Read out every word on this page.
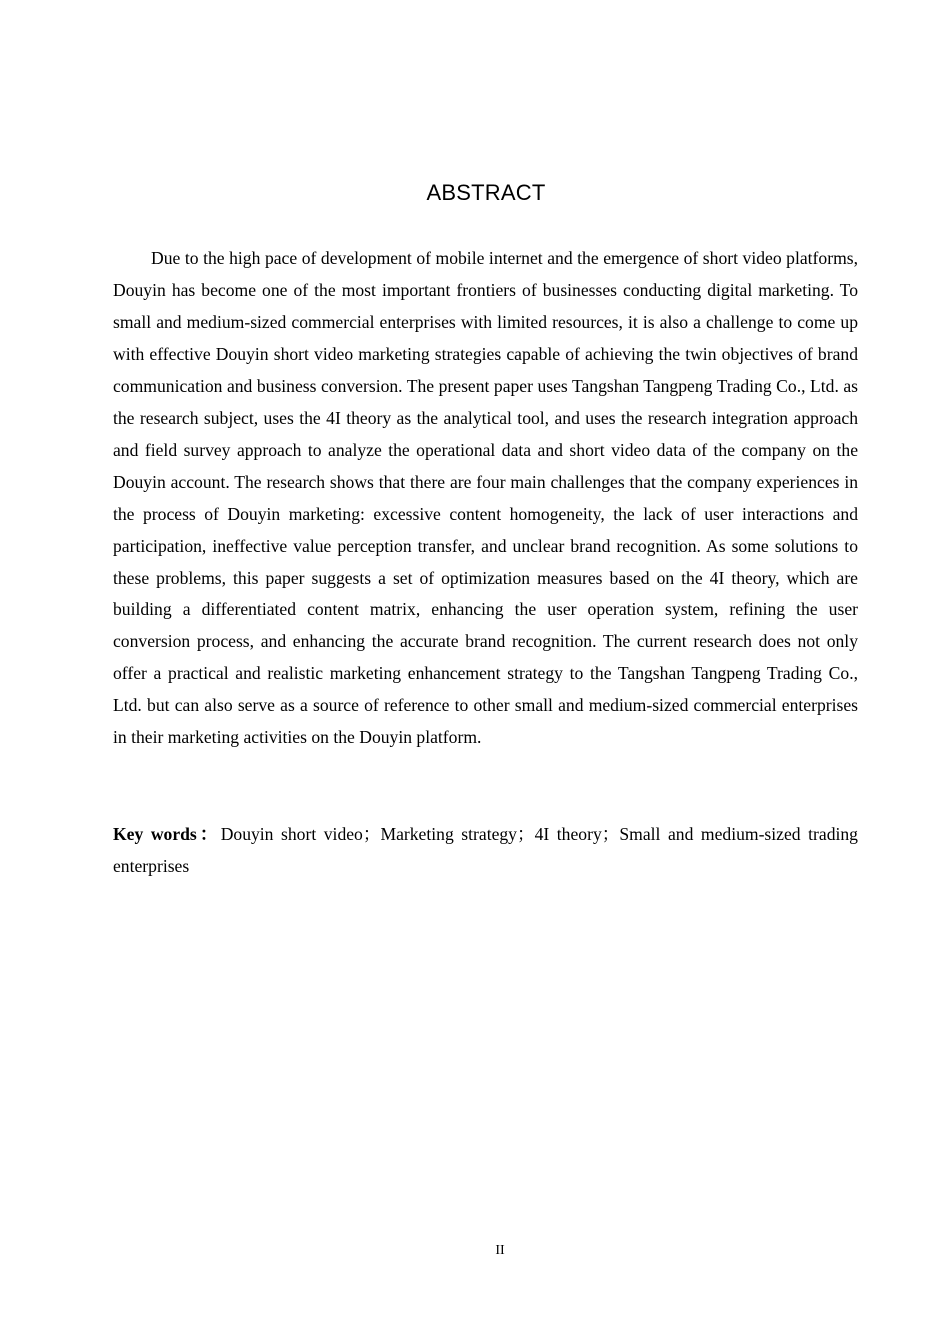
ABSTRACT

Due to the high pace of development of mobile internet and the emergence of short video platforms, Douyin has become one of the most important frontiers of businesses conducting digital marketing. To small and medium-sized commercial enterprises with limited resources, it is also a challenge to come up with effective Douyin short video marketing strategies capable of achieving the twin objectives of brand communication and business conversion. The present paper uses Tangshan Tangpeng Trading Co., Ltd. as the research subject, uses the 4I theory as the analytical tool, and uses the research integration approach and field survey approach to analyze the operational data and short video data of the company on the Douyin account. The research shows that there are four main challenges that the company experiences in the process of Douyin marketing: excessive content homogeneity, the lack of user interactions and participation, ineffective value perception transfer, and unclear brand recognition. As some solutions to these problems, this paper suggests a set of optimization measures based on the 4I theory, which are building a differentiated content matrix, enhancing the user operation system, refining the user conversion process, and enhancing the accurate brand recognition. The current research does not only offer a practical and realistic marketing enhancement strategy to the Tangshan Tangpeng Trading Co., Ltd. but can also serve as a source of reference to other small and medium-sized commercial enterprises in their marketing activities on the Douyin platform.

Key words：Douyin short video；Marketing strategy；4I theory；Small and medium-sized trading enterprises

II
